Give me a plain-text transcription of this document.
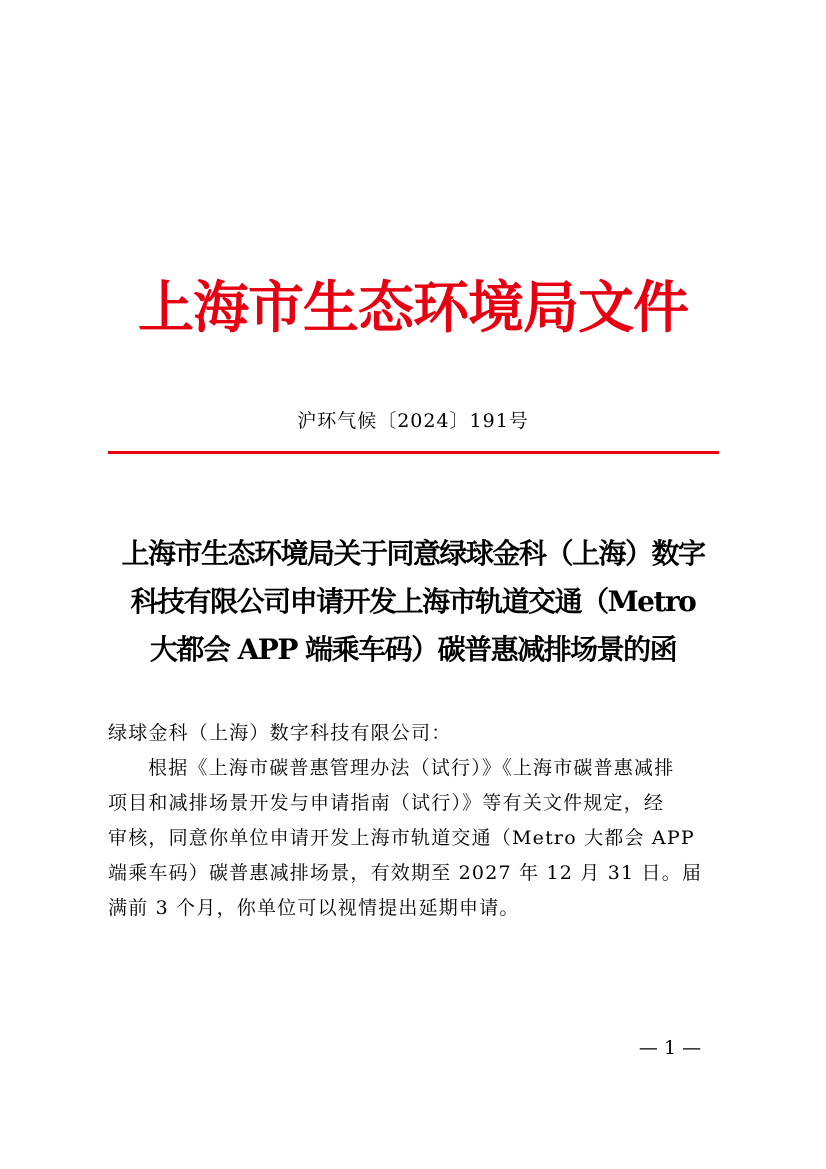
上海市生态环境局文件
沪环气候〔2024〕191号
上海市生态环境局关于同意绿球金科（上海）数字
科技有限公司申请开发上海市轨道交通（Metro
大都会 APP 端乘车码）碳普惠减排场景的函
绿球金科（上海）数字科技有限公司：
根据《上海市碳普惠管理办法（试行）》《上海市碳普惠减排
项目和减排场景开发与申请指南（试行）》等有关文件规定，经
审核，同意你单位申请开发上海市轨道交通（Metro 大都会 APP
端乘车码）碳普惠减排场景，有效期至 2027 年 12 月 31 日。届
满前 3 个月，你单位可以视情提出延期申请。
— 1 —
